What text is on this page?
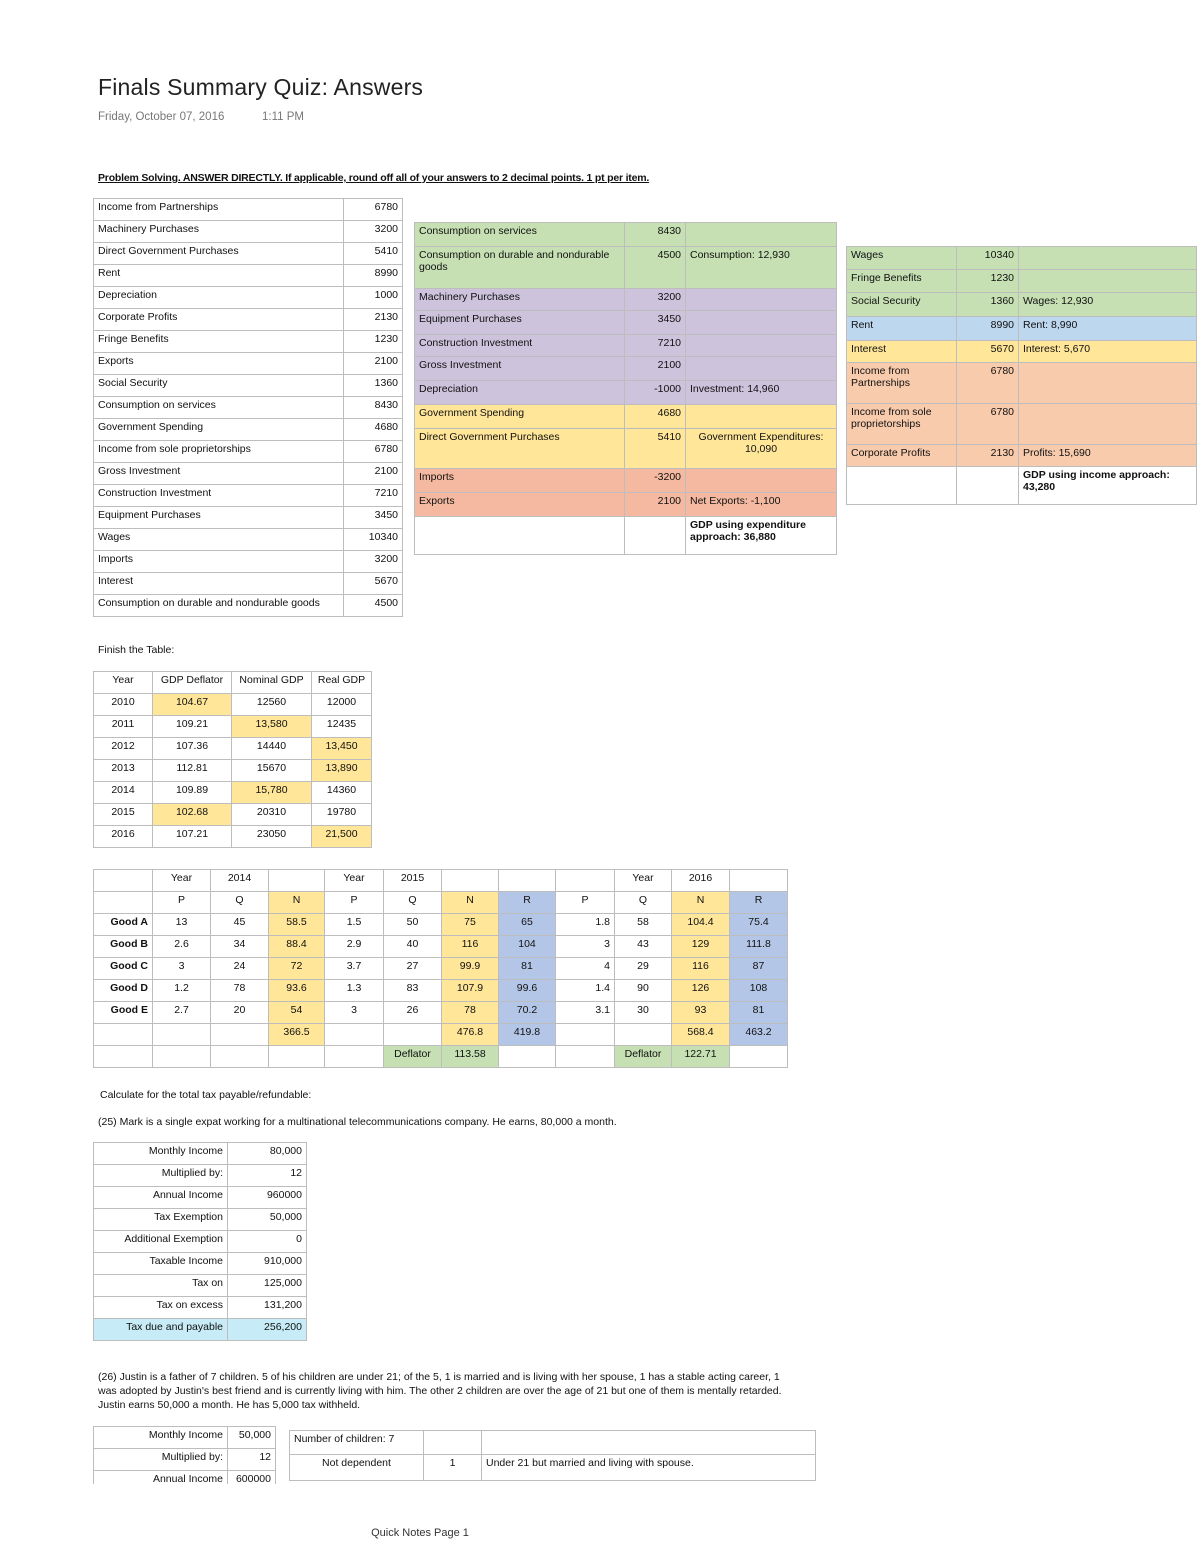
Finals Summary Quiz: Answers
Friday, October 07, 2016	1:11 PM
Problem Solving. ANSWER DIRECTLY. If applicable, round off all of your answers to 2 decimal points. 1 pt per item.
Income from Partnerships	6780
Machinery Purchases	3200
Direct Government Purchases	5410
Rent	8990
Depreciation	1000
Corporate Profits	2130
Fringe Benefits	1230
Exports	2100
Social Security	1360
Consumption on services	8430
Government Spending	4680
Income from sole proprietorships	6780
Gross Investment	2100
Construction Investment	7210
Equipment Purchases	3450
Wages	10340
Imports	3200
Interest	5670
Consumption on durable and nondurable goods	4500
Consumption on services	8430	
Consumption on durable and nondurable goods	4500	Consumption: 12,930
Machinery Purchases	3200	
Equipment Purchases	3450	
Construction Investment	7210	
Gross Investment	2100	
Depreciation	-1000	Investment: 14,960
Government Spending	4680	
Direct Government Purchases	5410	Government Expenditures: 10,090
Imports	-3200	
Exports	2100	Net Exports: -1,100
		GDP using expenditure approach: 36,880
Wages	10340	
Fringe Benefits	1230	
Social Security	1360	Wages: 12,930
Rent	8990	Rent: 8,990
Interest	5670	Interest: 5,670
Income from Partnerships	6780	
Income from sole proprietorships	6780	
Corporate Profits	2130	Profits: 15,690
		GDP using income approach: 43,280
Finish the Table:
Year	GDP Deflator	Nominal GDP	Real GDP
2010	104.67	12560	12000
2011	109.21	13,580	12435
2012	107.36	14440	13,450
2013	112.81	15670	13,890
2014	109.89	15,780	14360
2015	102.68	20310	19780
2016	107.21	23050	21,500
	Year	2014		Year	2015				Year	2016	
	P	Q	N	P	Q	N	R	P	Q	N	R
Good A	13	45	58.5	1.5	50	75	65	1.8	58	104.4	75.4
Good B	2.6	34	88.4	2.9	40	116	104	3	43	129	111.8
Good C	3	24	72	3.7	27	99.9	81	4	29	116	87
Good D	1.2	78	93.6	1.3	83	107.9	99.6	1.4	90	126	108
Good E	2.7	20	54	3	26	78	70.2	3.1	30	93	81
			366.5			476.8	419.8			568.4	463.2
					Deflator	113.58			Deflator	122.71	
Calculate for the total tax payable/refundable:
(25) Mark is a single expat working for a multinational telecommunications company. He earns, 80,000 a month.
Monthly Income	80,000
Multiplied by:	12
Annual Income	960000
Tax Exemption	50,000
Additional Exemption	0
Taxable Income	910,000
Tax on	125,000
Tax on excess	131,200
Tax due and payable	256,200
(26) Justin is a father of 7 children. 5 of his children are under 21; of the 5, 1 is married and is living with her spouse, 1 has a stable acting career, 1 was adopted by Justin's best friend and is currently living with him. The other 2 children are over the age of 21 but one of them is mentally retarded. Justin earns 50,000 a month. He has 5,000 tax withheld.
Monthly Income	50,000
Multiplied by:	12
Annual Income	600000
Number of children: 7		
Not dependent	1	Under 21 but married and living with spouse.
Quick Notes Page 1
